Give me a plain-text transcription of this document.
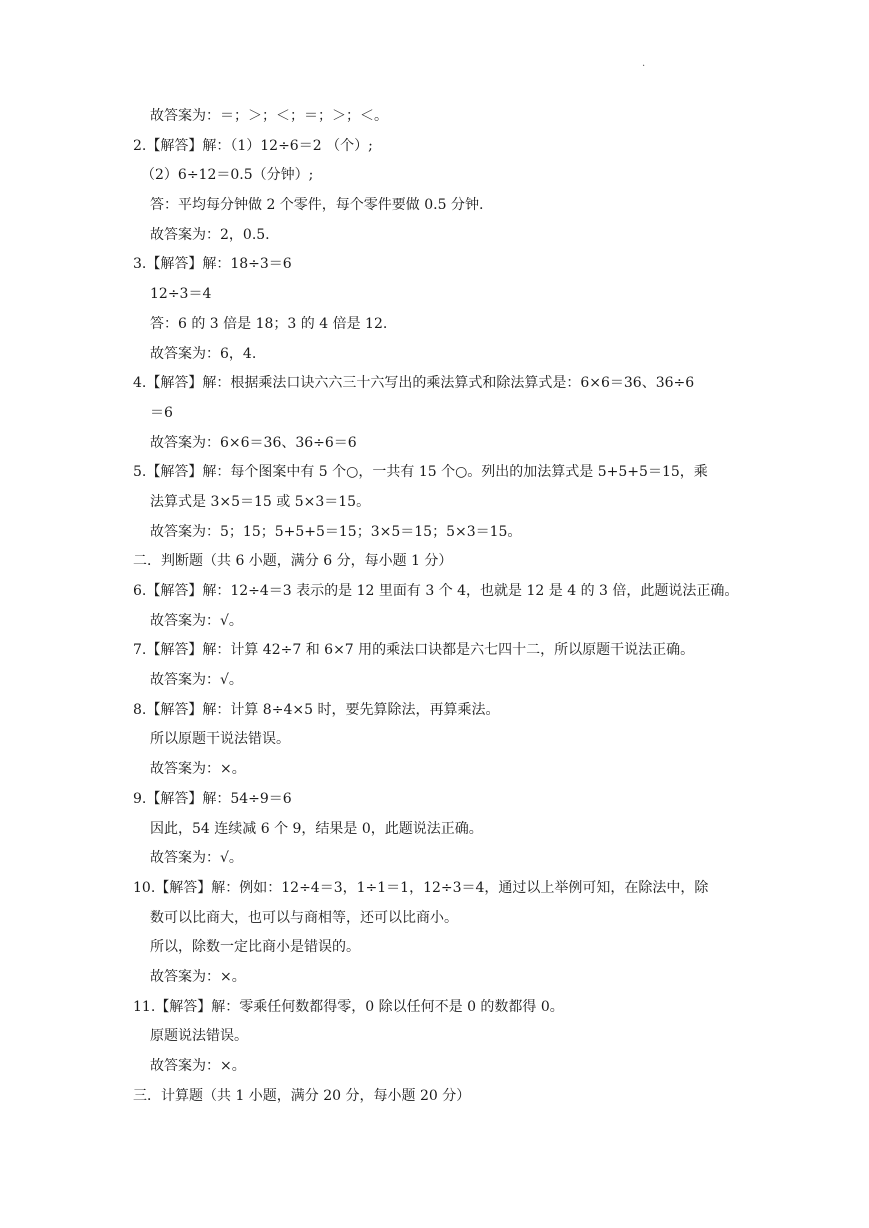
.
故答案为：＝；＞；＜；＝；＞；＜。
2.【解答】解：（1）12÷6＝2 （个）;
（2）6÷12＝0.5（分钟）;
答：平均每分钟做 2 个零件，每个零件要做 0.5 分钟.
故答案为：2，0.5.
3.【解答】解：18÷3＝6
12÷3＝4
答：6 的 3 倍是 18；3 的 4 倍是 12.
故答案为：6，4.
4.【解答】解：根据乘法口诀六六三十六写出的乘法算式和除法算式是：6×6＝36、36÷6
＝6
故答案为：6×6＝36、36÷6＝6
5.【解答】解：每个图案中有 5 个○，一共有 15 个○。列出的加法算式是 5+5+5＝15，乘
法算式是 3×5＝15 或 5×3＝15。
故答案为：5；15；5+5+5＝15；3×5＝15；5×3＝15。
二．判断题（共 6 小题，满分 6 分，每小题 1 分）
6.【解答】解：12÷4＝3 表示的是 12 里面有 3 个 4，也就是 12 是 4 的 3 倍，此题说法正确。
故答案为：√。
7.【解答】解：计算 42÷7 和 6×7 用的乘法口诀都是六七四十二，所以原题干说法正确。
故答案为：√。
8.【解答】解：计算 8÷4×5 时，要先算除法，再算乘法。
所以原题干说法错误。
故答案为：×。
9.【解答】解：54÷9＝6
因此，54 连续减 6 个 9，结果是 0，此题说法正确。
故答案为：√。
10.【解答】解：例如：12÷4＝3，1÷1＝1，12÷3＝4，通过以上举例可知，在除法中，除
数可以比商大，也可以与商相等，还可以比商小。
所以，除数一定比商小是错误的。
故答案为：×。
11.【解答】解：零乘任何数都得零，0 除以任何不是 0 的数都得 0。
原题说法错误。
故答案为：×。
三．计算题（共 1 小题，满分 20 分，每小题 20 分）
